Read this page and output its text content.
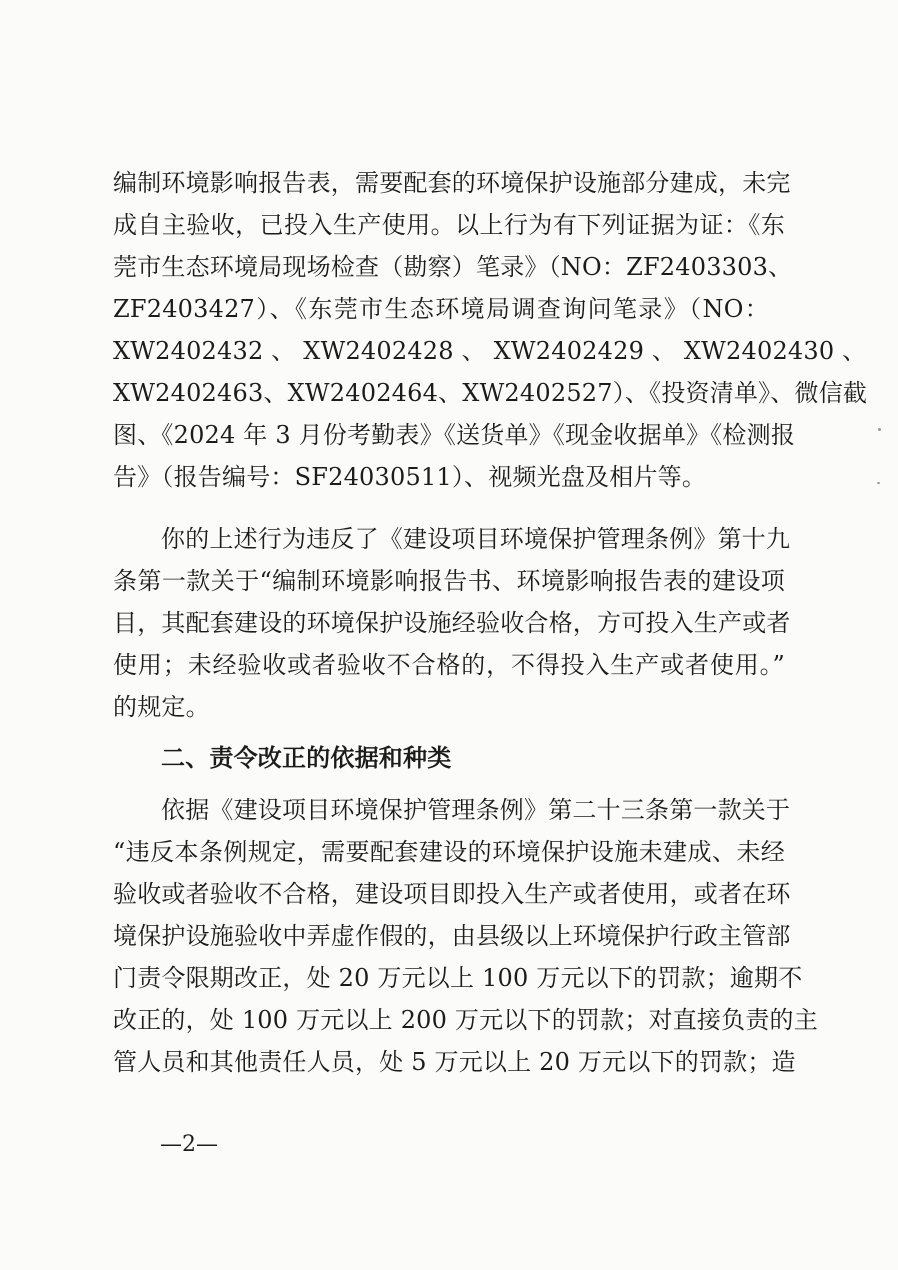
编制环境影响报告表，需要配套的环境保护设施部分建成，未完
成自主验收，已投入生产使用。以上行为有下列证据为证：《东
莞市生态环境局现场检查（勘察）笔录》（NO：ZF2403303、
ZF2403427）、《东莞市生态环境局调查询问笔录》（NO：
XW2402432 、 XW2402428 、 XW2402429 、 XW2402430 、
XW2402463、XW2402464、XW2402527）、《投资清单》、微信截
图、《2024 年 3 月份考勤表》《送货单》《现金收据单》《检测报
告》（报告编号：SF24030511）、视频光盘及相片等。
你的上述行为违反了《建设项目环境保护管理条例》第十九
条第一款关于“编制环境影响报告书、环境影响报告表的建设项
目，其配套建设的环境保护设施经验收合格，方可投入生产或者
使用；未经验收或者验收不合格的，不得投入生产或者使用。”
的规定。
二、责令改正的依据和种类
依据《建设项目环境保护管理条例》第二十三条第一款关于
“违反本条例规定，需要配套建设的环境保护设施未建成、未经
验收或者验收不合格，建设项目即投入生产或者使用，或者在环
境保护设施验收中弄虚作假的，由县级以上环境保护行政主管部
门责令限期改正，处 20 万元以上 100 万元以下的罚款；逾期不
改正的，处 100 万元以上 200 万元以下的罚款；对直接负责的主
管人员和其他责任人员，处 5 万元以上 20 万元以下的罚款；造
—2—
